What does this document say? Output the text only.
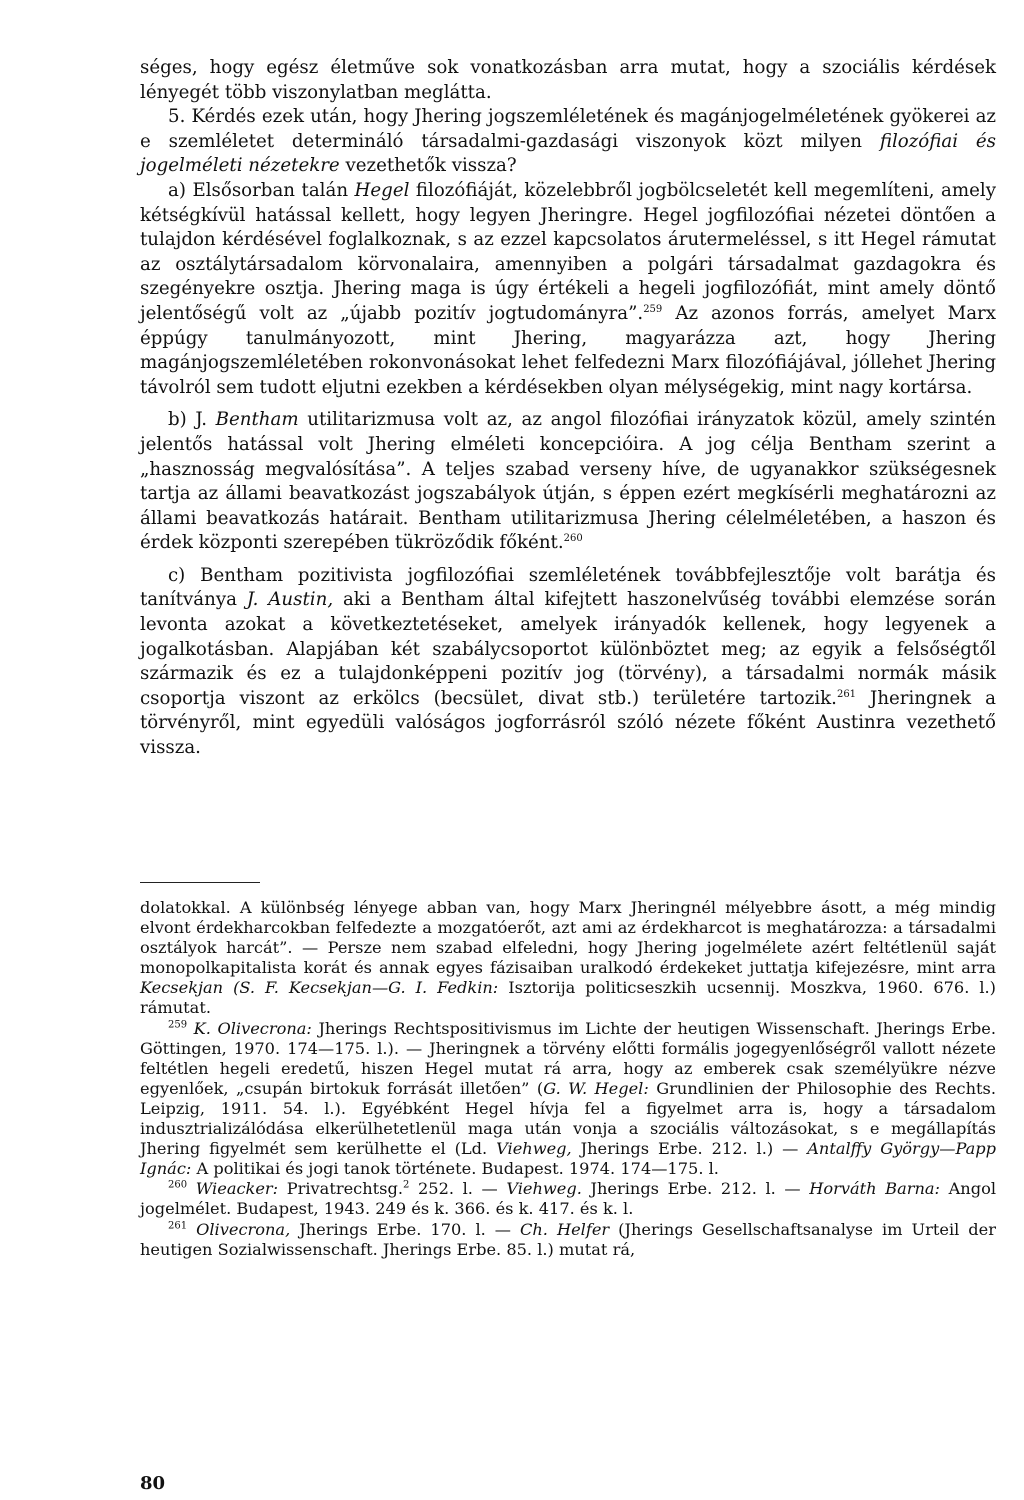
séges, hogy egész életműve sok vonatkozásban arra mutat, hogy a szociális kérdések lényegét több viszonylatban meglátta.

5. Kérdés ezek után, hogy Jhering jogszemléletének és magánjogelméletének gyökerei az e szemléletet determináló társadalmi-gazdasági viszonyok közt milyen filozófiai és jogelméleti nézetekre vezethetők vissza?

a) Elsősorban talán Hegel filozófiáját, közelebbről jogbölcseletét kell megemlíteni, amely kétségkívül hatással kellett, hogy legyen Jheringre. Hegel jogfilozófiai nézetei döntően a tulajdon kérdésével foglalkoznak, s az ezzel kapcsolatos árutermeléssel, s itt Hegel rámutat az osztálytársadalom körvonalaira, amennyiben a polgári társadalmat gazdagokra és szegényekre osztja. Jhering maga is úgy értékeli a hegeli jogfilozófiát, mint amely döntő jelentőségű volt az „újabb pozitív jogtudományra”.$^{259}$ Az azonos forrás, amelyet Marx éppúgy tanulmányozott, mint Jhering, magyarázza azt, hogy Jhering magánjogszemléletében rokonvonásokat lehet felfedezni Marx filozófiájával, jóllehet Jhering távolról sem tudott eljutni ezekben a kérdésekben olyan mélységekig, mint nagy kortársa.

b) J. Bentham utilitarizmusa volt az, az angol filozófiai irányzatok közül, amely szintén jelentős hatással volt Jhering elméleti koncepcióira. A jog célja Bentham szerint a „hasznosság megvalósítása”. A teljes szabad verseny híve, de ugyanakkor szükségesnek tartja az állami beavatkozást jogszabályok útján, s éppen ezért megkísérli meghatározni az állami beavatkozás határait. Bentham utilitarizmusa Jhering célelméletében, a haszon és érdek központi szerepében tükröződik főként.$^{260}$

c) Bentham pozitivista jogfilozófiai szemléletének továbbfejlesztője volt barátja és tanítványa J. Austin, aki a Bentham által kifejtett haszonelvűség további elemzése során levonta azokat a következtetéseket, amelyek irányadók kellenek, hogy legyenek a jogalkotásban. Alapjában két szabálycsoportot különböztet meg; az egyik a felsőségtől származik és ez a tulajdonképpeni pozitív jog (törvény), a társadalmi normák másik csoportja viszont az erkölcs (becsület, divat stb.) területére tartozik.$^{261}$ Jheringnek a törvényről, mint egyedüli valóságos jogforrásról szóló nézete főként Austinra vezethető vissza.

dolatokkal. A különbség lényege abban van, hogy Marx Jheringnél mélyebbre ásott, a még mindig elvont érdekharcokban felfedezte a mozgatóerőt, azt ami az érdekharcot is meghatározza: a társadalmi osztályok harcát”. — Persze nem szabad elfeledni, hogy Jhering jogelmélete azért feltétlenül saját monopolkapitalista korát és annak egyes fázisaiban uralkodó érdekeket juttatja kifejezésre, mint arra Kecsekjan (S. F. Kecsekjan—G. I. Fedkin: Isztorija politicseszkih ucsennij. Moszkva, 1960. 676. l.) rámutat.

$^{259}$ K. Olivecrona: Jherings Rechtspositivismus im Lichte der heutigen Wissenschaft. Jherings Erbe. Göttingen, 1970. 174—175. l.). — Jheringnek a törvény előtti formális jogegyenlőségről vallott nézete feltétlen hegeli eredetű, hiszen Hegel mutat rá arra, hogy az emberek csak személyükre nézve egyenlőek, „csupán birtokuk forrását illetően” (G. W. Hegel: Grundlinien der Philosophie des Rechts. Leipzig, 1911. 54. l.). Egyébként Hegel hívja fel a figyelmet arra is, hogy a társadalom indusztrializálódása elkerülhetetlenül maga után vonja a szociális változásokat, s e megállapítás Jhering figyelmét sem kerülhette el (Ld. Viehweg, Jherings Erbe. 212. l.) — Antalffy György—Papp Ignác: A politikai és jogi tanok története. Budapest. 1974. 174—175. l.

$^{260}$ Wieacker: Privatrechtsg.$^2$ 252. l. — Viehweg. Jherings Erbe. 212. l. — Horváth Barna: Angol jogelmélet. Budapest, 1943. 249 és k. 366. és k. 417. és k. l.

$^{261}$ Olivecrona, Jherings Erbe. 170. l. — Ch. Helfer (Jherings Gesellschaftsanalyse im Urteil der heutigen Sozialwissenschaft. Jherings Erbe. 85. l.) mutat rá,

80
